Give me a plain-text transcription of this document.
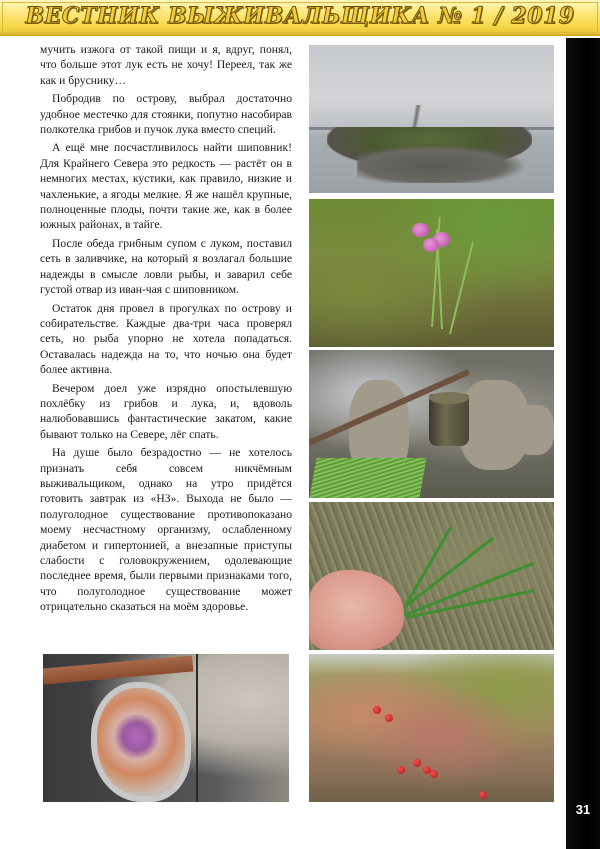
ВЕСТНИК ВЫЖИВАЛЬЩИКА № 1 / 2019
31

мучить изжога от такой пищи и я, вдруг, понял, что больше этот лук есть не хочу! Переел, так же как и бруснику…

Побродив по острову, выбрал достаточно удобное местечко для стоянки, попутно насобирав полкотелка грибов и пучок лука вместо специй.

А ещё мне посчастливилось найти шиповник! Для Крайнего Севера это редкость — растёт он в немногих местах, кустики, как правило, низкие и чахленькие, а ягоды мелкие. Я же нашёл крупные, полноценные плоды, почти такие же, как в более южных районах, в тайге.

После обеда грибным супом с луком, поставил сеть в заливчике, на который я возлагал большие надежды в смысле ловли рыбы, и заварил себе густой отвар из иван-чая с шиповником.

Остаток дня провел в прогулках по острову и собирательстве. Каждые два-три часа проверял сеть, но рыба упорно не хотела попадаться. Оставалась надежда на то, что ночью она будет более активна.

Вечером доел уже изрядно опостылевшую похлёбку из грибов и лука, и, вдоволь налюбовавшись фантастические закатом, какие бывают только на Севере, лёг спать.

На душе было безрадостно — не хотелось признать себя совсем никчёмным выживальщиком, однако на утро придётся готовить завтрак из «НЗ». Выхода не было — полуголодное существование противопоказано моему несчастному организму, ослабленному диабетом и гипертонией, а внезапные приступы слабости с головокружением, одолевающие последнее время, были первыми признаками того, что полуголодное существование может отрицательно сказаться на моём здоровье.
